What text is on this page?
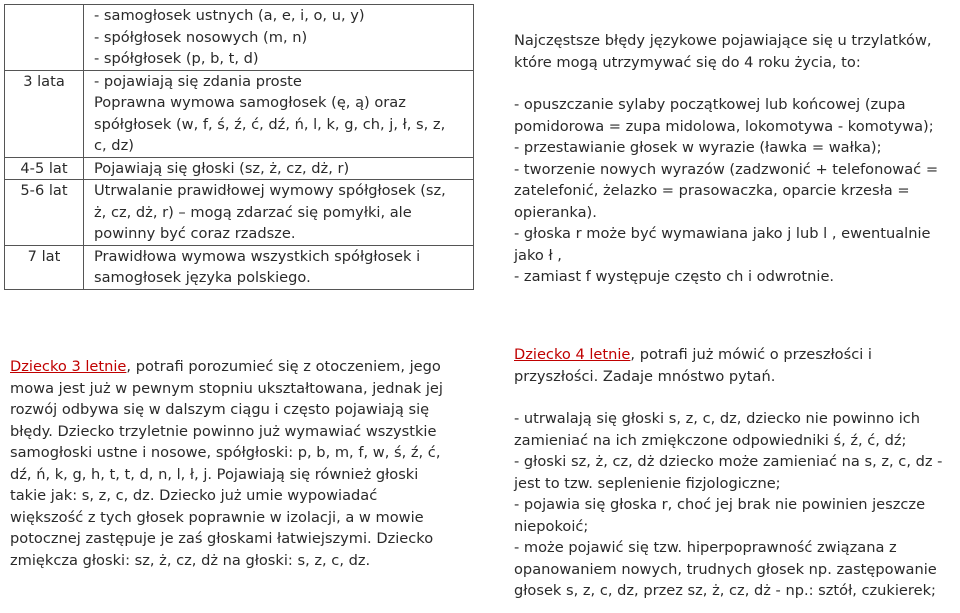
	- samogłosek ustnych (a, e, i, o, u, y)
- spółgłosek nosowych (m, n)
- spółgłosek (p, b, t, d)

3 lata	- pojawiają się zdania proste
Poprawna wymowa samogłosek (ę, ą) oraz
spółgłosek (w, f, ś, ź, ć, dź, ń, l, k, g, ch, j, ł, s, z,
c, dz)

4-5 lat	Pojawiają się głoski (sz, ż, cz, dż, r)

5-6 lat	Utrwalanie prawidłowej wymowy spółgłosek (sz,
ż, cz, dż, r) – mogą zdarzać się pomyłki, ale
powinny być coraz rzadsze.

7 lat	Prawidłowa wymowa wszystkich spółgłosek i
samogłosek języka polskiego.
Najczęstsze błędy językowe pojawiające się u trzylatków,
które mogą utrzymywać się do 4 roku życia, to:
- opuszczanie sylaby początkowej lub końcowej (zupa
pomidorowa = zupa midolowa, lokomotywa - komotywa);
- przestawianie głosek w wyrazie (ławka = wałka);
- tworzenie nowych wyrazów (zadzwonić + telefonować =
zatelefonić, żelazko = prasowaczka, oparcie krzesła =
opieranka).
- głoska r może być wymawiana jako j lub l , ewentualnie
jako ł ,
- zamiast f występuje często ch i odwrotnie.
Dziecko 3 letnie, potrafi porozumieć się z otoczeniem, jego
mowa jest już w pewnym stopniu ukształtowana, jednak jej
rozwój odbywa się w dalszym ciągu i często pojawiają się
błędy. Dziecko trzyletnie powinno już wymawiać wszystkie
samogłoski ustne i nosowe, spółgłoski: p, b, m, f, w, ś, ź, ć,
dź, ń, k, g, h, t, t, d, n, l, ł, j. Pojawiają się również głoski
takie jak: s, z, c, dz. Dziecko już umie wypowiadać
większość z tych głosek poprawnie w izolacji, a w mowie
potocznej zastępuje je zaś głoskami łatwiejszymi. Dziecko
zmiękcza głoski: sz, ż, cz, dż na głoski: s, z, c, dz.
Dziecko 4 letnie, potrafi już mówić o przeszłości i
przyszłości. Zadaje mnóstwo pytań.
- utrwalają się głoski s, z, c, dz, dziecko nie powinno ich
zamieniać na ich zmiękczone odpowiedniki ś, ź, ć, dź;
- głoski sz, ż, cz, dż dziecko może zamieniać na s, z, c, dz -
jest to tzw. seplenienie fizjologiczne;
- pojawia się głoska r, choć jej brak nie powinien jeszcze
niepokoić;
- może pojawić się tzw. hiperpoprawność związana z
opanowaniem nowych, trudnych głosek np. zastępowanie
głosek s, z, c, dz, przez sz, ż, cz, dż - np.: sztół, czukierek;
